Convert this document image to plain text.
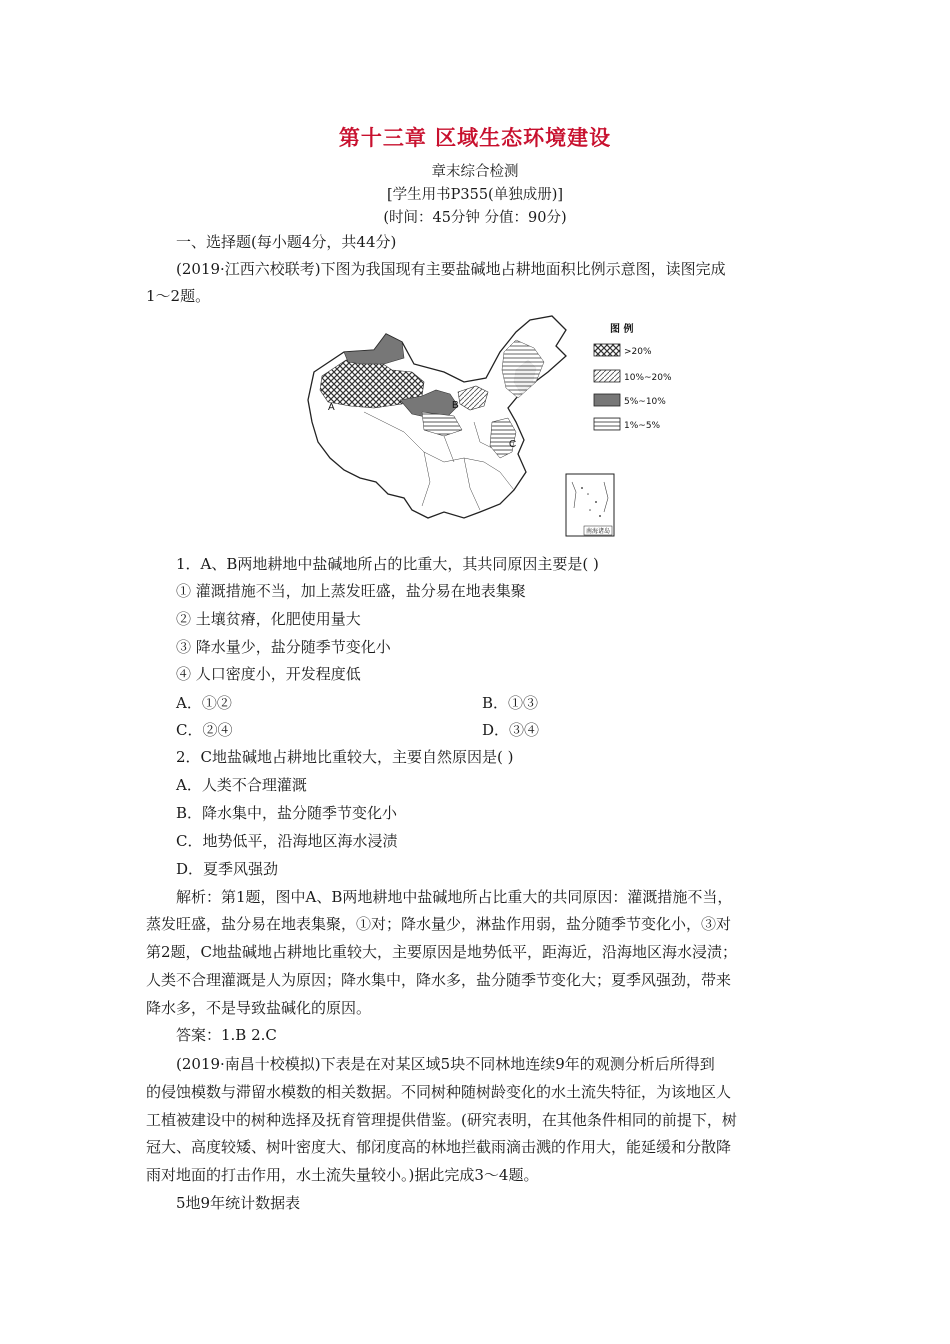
第十三章 区域生态环境建设
章末综合检测
[学生用书P355(单独成册)]
(时间：45分钟 分值：90分)
一、选择题(每小题4分，共44分)
(2019·江西六校联考)下图为我国现有主要盐碱地占耕地面积比例示意图，读图完成
1～2题。
A	B
C
图 例
>20%
10%~20%
5%~10%
1%~5%
南海诸岛
1．A、B两地耕地中盐碱地所占的比重大，其共同原因主要是( )
① 灌溉措施不当，加上蒸发旺盛，盐分易在地表集聚
② 土壤贫瘠，化肥使用量大
③ 降水量少，盐分随季节变化小
④ 人口密度小，开发程度低
A．①②	B．①③
C．②④	D．③④
2．C地盐碱地占耕地比重较大，主要自然原因是( )
A．人类不合理灌溉
B．降水集中，盐分随季节变化小
C．地势低平，沿海地区海水浸渍
D．夏季风强劲
解析：第1题，图中A、B两地耕地中盐碱地所占比重大的共同原因：灌溉措施不当，
蒸发旺盛，盐分易在地表集聚，①对；降水量少，淋盐作用弱，盐分随季节变化小，③对
第2题，C地盐碱地占耕地比重较大，主要原因是地势低平，距海近，沿海地区海水浸渍；
人类不合理灌溉是人为原因；降水集中，降水多，盐分随季节变化大；夏季风强劲，带来
降水多，不是导致盐碱化的原因。
答案：1.B 2.C
(2019·南昌十校模拟)下表是在对某区域5块不同林地连续9年的观测分析后所得到
的侵蚀模数与滞留水模数的相关数据。不同树种随树龄变化的水土流失特征，为该地区人
工植被建设中的树种选择及抚育管理提供借鉴。(研究表明，在其他条件相同的前提下，树
冠大、高度较矮、树叶密度大、郁闭度高的林地拦截雨滴击溅的作用大，能延缓和分散降
雨对地面的打击作用，水土流失量较小。)据此完成3～4题。
5地9年统计数据表
